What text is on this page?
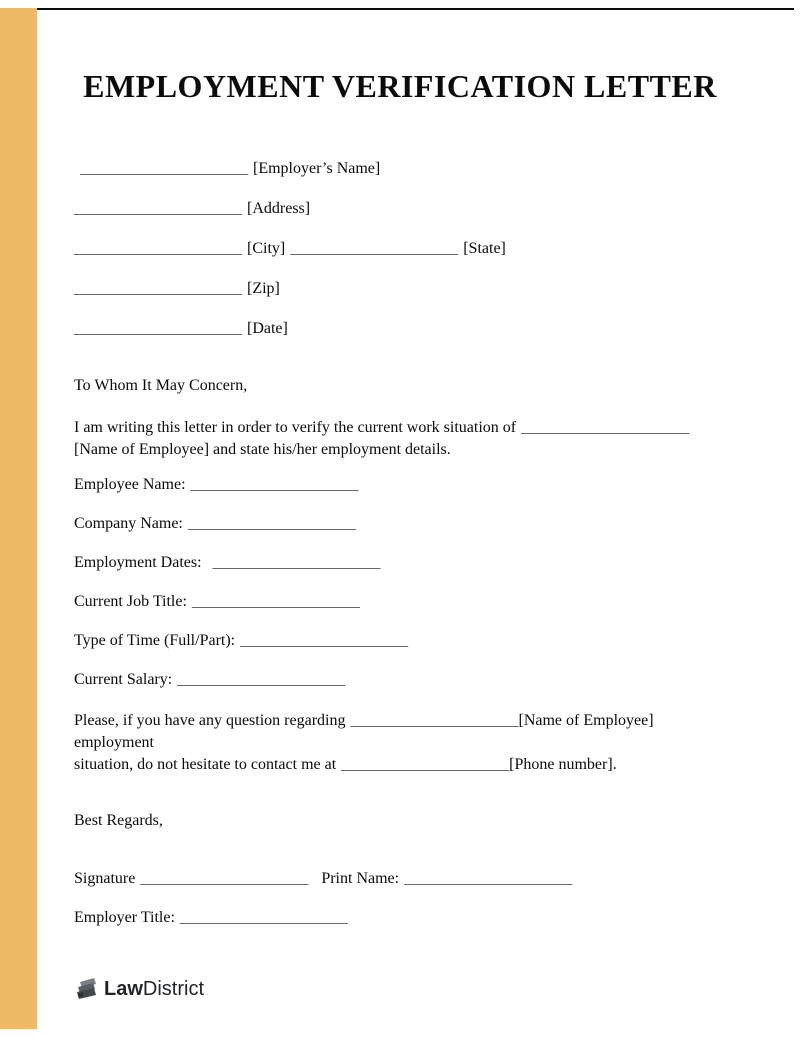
EMPLOYMENT VERIFICATION LETTER
_____________________ [Employer’s Name]
_____________________ [Address]
_____________________ [City] _____________________ [State]
_____________________ [Zip]
_____________________ [Date]
To Whom It May Concern,
I am writing this letter in order to verify the current work situation of _____________________
[Name of Employee] and state his/her employment details.
Employee Name: _____________________
Company Name: _____________________
Employment Dates: _____________________
Current Job Title: _____________________
Type of Time (Full/Part): _____________________
Current Salary: _____________________
Please, if you have any question regarding _____________________[Name of Employee] employment
situation, do not hesitate to contact me at _____________________[Phone number].
Best Regards,
Signature _____________________ Print Name: _____________________
Employer Title: _____________________
Law District
